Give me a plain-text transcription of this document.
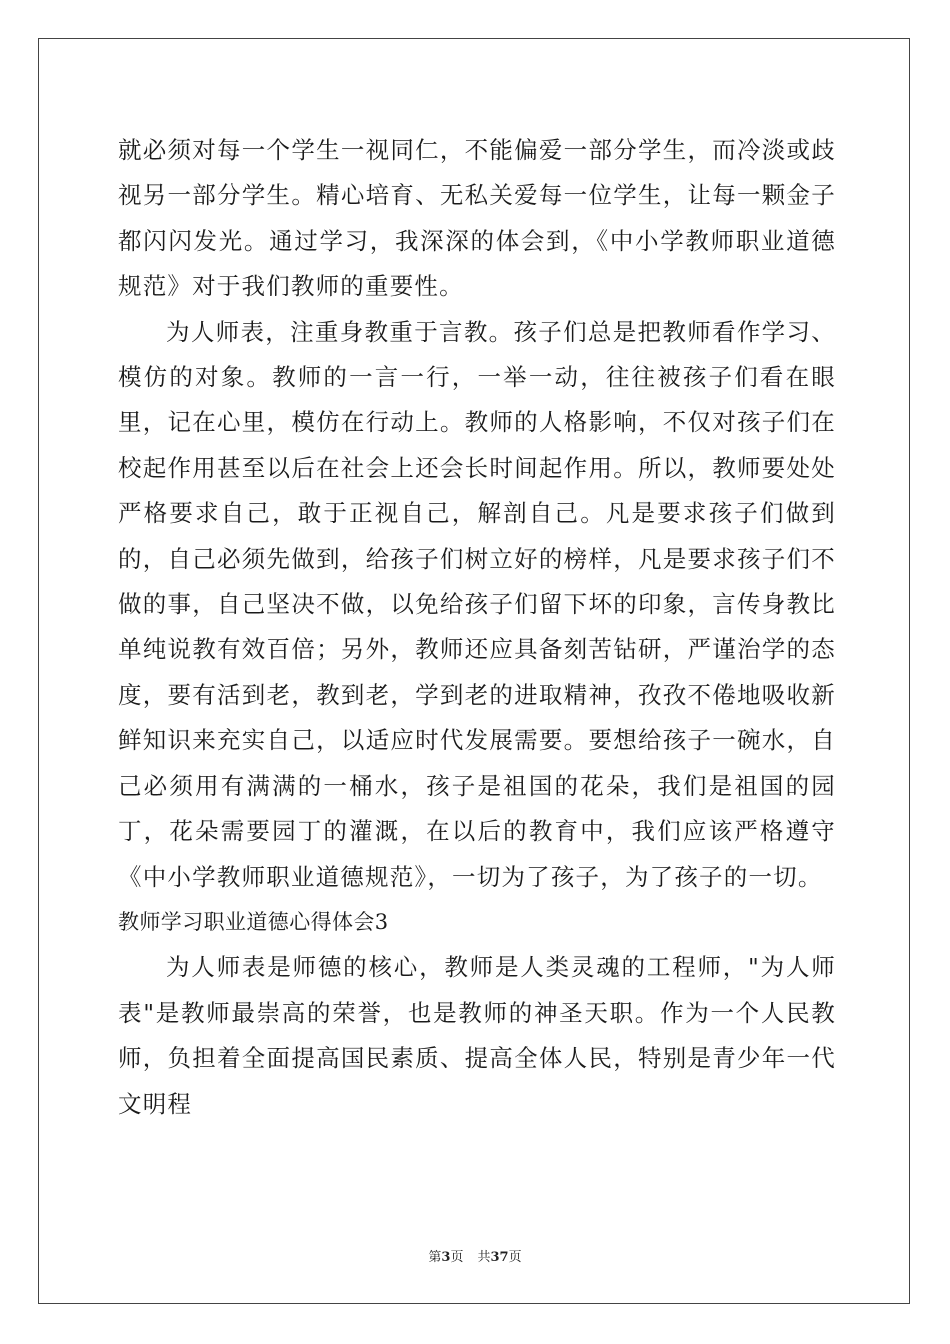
就必须对每一个学生一视同仁，不能偏爱一部分学生，而冷淡或歧视另一部分学生。精心培育、无私关爱每一位学生，让每一颗金子都闪闪发光。通过学习，我深深的体会到，《中小学教师职业道德规范》对于我们教师的重要性。

为人师表，注重身教重于言教。孩子们总是把教师看作学习、模仿的对象。教师的一言一行，一举一动，往往被孩子们看在眼里，记在心里，模仿在行动上。教师的人格影响，不仅对孩子们在校起作用甚至以后在社会上还会长时间起作用。所以，教师要处处严格要求自己，敢于正视自己，解剖自己。凡是要求孩子们做到的，自己必须先做到，给孩子们树立好的榜样，凡是要求孩子们不做的事，自己坚决不做，以免给孩子们留下坏的印象，言传身教比单纯说教有效百倍；另外，教师还应具备刻苦钻研，严谨治学的态度，要有活到老，教到老，学到老的进取精神，孜孜不倦地吸收新鲜知识来充实自己，以适应时代发展需要。要想给孩子一碗水，自己必须用有满满的一桶水，孩子是祖国的花朵，我们是祖国的园丁，花朵需要园丁的灌溉，在以后的教育中，我们应该严格遵守《中小学教师职业道德规范》，一切为了孩子，为了孩子的一切。

教师学习职业道德心得体会3

为人师表是师德的核心，教师是人类灵魂的工程师，"为人师表"是教师最崇高的荣誉，也是教师的神圣天职。作为一个人民教师，负担着全面提高国民素质、提高全体人民，特别是青少年一代文明程

第3页 共37页
